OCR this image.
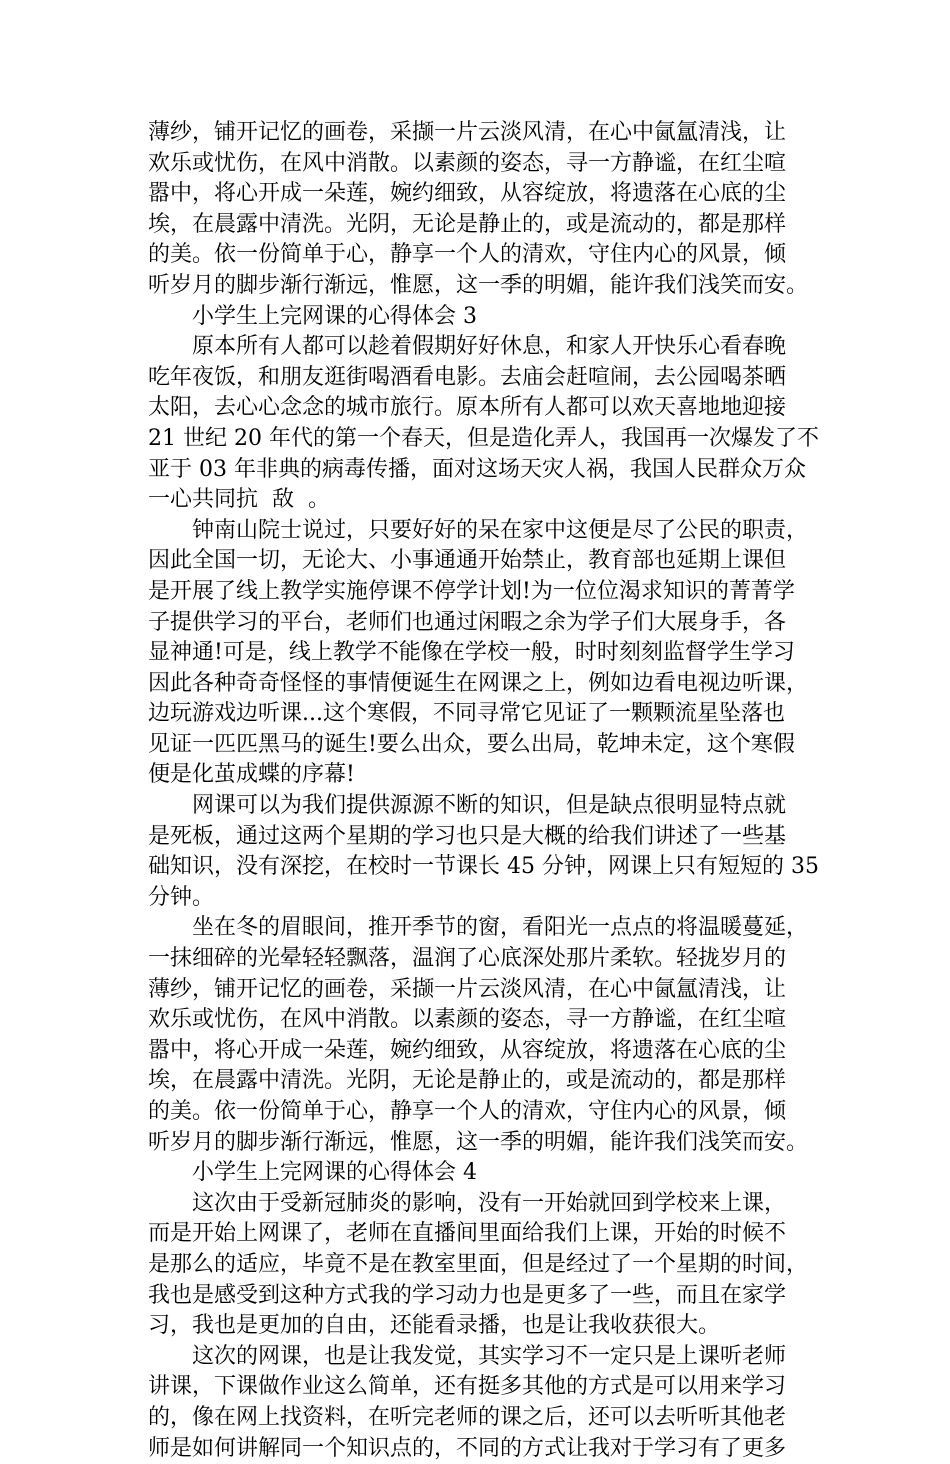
薄纱，铺开记忆的画卷，采撷一片云淡风清，在心中氤氲清浅，让
欢乐或忧伤，在风中消散。以素颜的姿态，寻一方静谧，在红尘喧
嚣中，将心开成一朵莲，婉约细致，从容绽放，将遗落在心底的尘
埃，在晨露中清洗。光阴，无论是静止的，或是流动的，都是那样
的美。依一份简单于心，静享一个人的清欢，守住内心的风景，倾
听岁月的脚步渐行渐远，惟愿，这一季的明媚，能许我们浅笑而安。
小学生上完网课的心得体会 3
原本所有人都可以趁着假期好好休息，和家人开快乐心看春晚
吃年夜饭，和朋友逛街喝酒看电影。去庙会赶喧闹，去公园喝茶晒
太阳，去心心念念的城市旅行。原本所有人都可以欢天喜地地迎接
21 世纪 20 年代的第一个春天，但是造化弄人，我国再一次爆发了不
亚于 03 年非典的病毒传播，面对这场天灾人祸，我国人民群众万众
一心共同抗  敌  。
钟南山院士说过，只要好好的呆在家中这便是尽了公民的职责，
因此全国一切，无论大、小事通通开始禁止，教育部也延期上课但
是开展了线上教学实施停课不停学计划!为一位位渴求知识的菁菁学
子提供学习的平台，老师们也通过闲暇之余为学子们大展身手，各
显神通!可是，线上教学不能像在学校一般，时时刻刻监督学生学习
因此各种奇奇怪怪的事情便诞生在网课之上，例如边看电视边听课，
边玩游戏边听课...这个寒假，不同寻常它见证了一颗颗流星坠落也
见证一匹匹黑马的诞生!要么出众，要么出局，乾坤未定，这个寒假
便是化茧成蝶的序幕!
网课可以为我们提供源源不断的知识，但是缺点很明显特点就
是死板，通过这两个星期的学习也只是大概的给我们讲述了一些基
础知识，没有深挖，在校时一节课长 45 分钟，网课上只有短短的 35
分钟。
坐在冬的眉眼间，推开季节的窗，看阳光一点点的将温暖蔓延，
一抹细碎的光晕轻轻飘落，温润了心底深处那片柔软。轻拢岁月的
薄纱，铺开记忆的画卷，采撷一片云淡风清，在心中氤氲清浅，让
欢乐或忧伤，在风中消散。以素颜的姿态，寻一方静谧，在红尘喧
嚣中，将心开成一朵莲，婉约细致，从容绽放，将遗落在心底的尘
埃，在晨露中清洗。光阴，无论是静止的，或是流动的，都是那样
的美。依一份简单于心，静享一个人的清欢，守住内心的风景，倾
听岁月的脚步渐行渐远，惟愿，这一季的明媚，能许我们浅笑而安。
小学生上完网课的心得体会 4
这次由于受新冠肺炎的影响，没有一开始就回到学校来上课，
而是开始上网课了，老师在直播间里面给我们上课，开始的时候不
是那么的适应，毕竟不是在教室里面，但是经过了一个星期的时间，
我也是感受到这种方式我的学习动力也是更多了一些，而且在家学
习，我也是更加的自由，还能看录播，也是让我收获很大。
这次的网课，也是让我发觉，其实学习不一定只是上课听老师
讲课，下课做作业这么简单，还有挺多其他的方式是可以用来学习
的，像在网上找资料，在听完老师的课之后，还可以去听听其他老
师是如何讲解同一个知识点的，不同的方式让我对于学习有了更多
